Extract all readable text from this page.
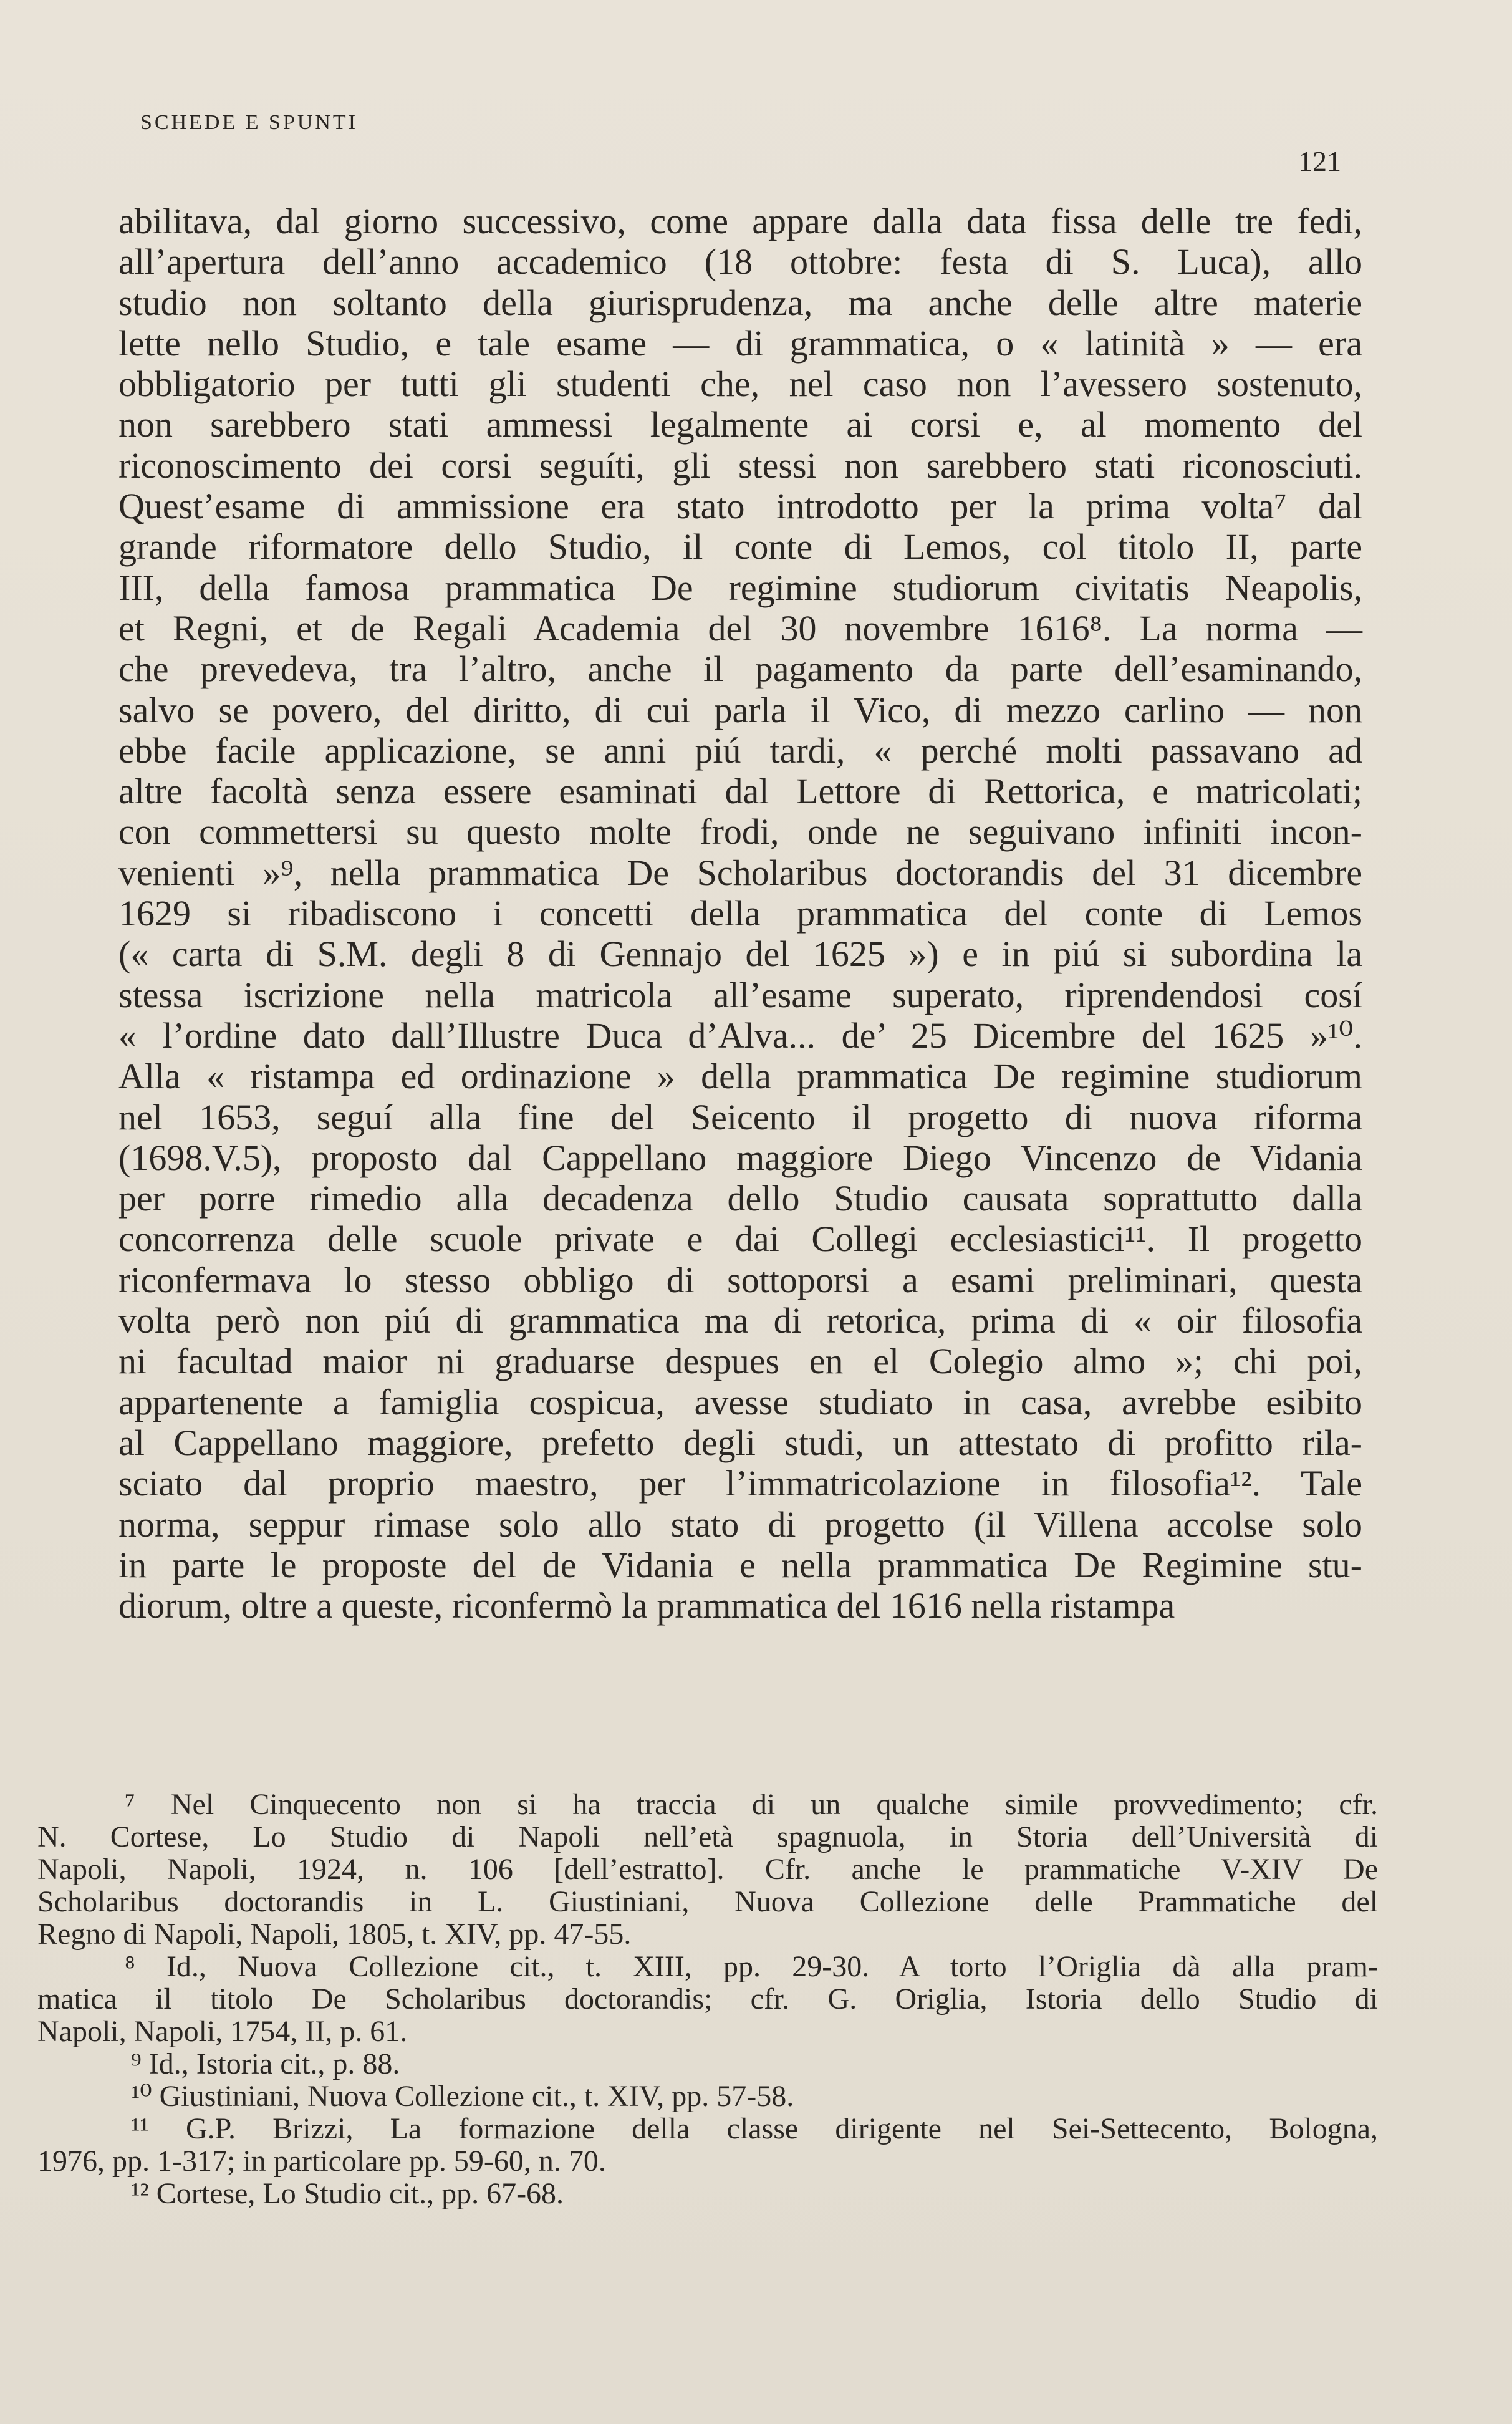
SCHEDE E SPUNTI
121
abilitava, dal giorno successivo, come appare dalla data fissa delle tre fedi,
all’apertura dell’anno accademico (18 ottobre: festa di S. Luca), allo
studio non soltanto della giurisprudenza, ma anche delle altre materie
lette nello Studio, e tale esame — di grammatica, o « latinità » — era
obbligatorio per tutti gli studenti che, nel caso non l’avessero sostenuto,
non sarebbero stati ammessi legalmente ai corsi e, al momento del
riconoscimento dei corsi seguíti, gli stessi non sarebbero stati riconosciuti.
Quest’esame di ammissione era stato introdotto per la prima volta⁷ dal
grande riformatore dello Studio, il conte di Lemos, col titolo II, parte
III, della famosa prammatica De regimine studiorum civitatis Neapolis,
et Regni, et de Regali Academia del 30 novembre 1616⁸. La norma —
che prevedeva, tra l’altro, anche il pagamento da parte dell’esaminando,
salvo se povero, del diritto, di cui parla il Vico, di mezzo carlino — non
ebbe facile applicazione, se anni piú tardi, « perché molti passavano ad
altre facoltà senza essere esaminati dal Lettore di Rettorica, e matricolati;
con commettersi su questo molte frodi, onde ne seguivano infiniti incon-
venienti »⁹, nella prammatica De Scholaribus doctorandis del 31 dicembre
1629 si ribadiscono i concetti della prammatica del conte di Lemos
(« carta di S.M. degli 8 di Gennajo del 1625 ») e in piú si subordina la
stessa iscrizione nella matricola all’esame superato, riprendendosi cosí
« l’ordine dato dall’Illustre Duca d’Alva... de’ 25 Dicembre del 1625 »¹⁰.
Alla « ristampa ed ordinazione » della prammatica De regimine studiorum
nel 1653, seguí alla fine del Seicento il progetto di nuova riforma
(1698.V.5), proposto dal Cappellano maggiore Diego Vincenzo de Vidania
per porre rimedio alla decadenza dello Studio causata soprattutto dalla
concorrenza delle scuole private e dai Collegi ecclesiastici¹¹. Il progetto
riconfermava lo stesso obbligo di sottoporsi a esami preliminari, questa
volta però non piú di grammatica ma di retorica, prima di « oir filosofia
ni facultad maior ni graduarse despues en el Colegio almo »; chi poi,
appartenente a famiglia cospicua, avesse studiato in casa, avrebbe esibito
al Cappellano maggiore, prefetto degli studi, un attestato di profitto rila-
sciato dal proprio maestro, per l’immatricolazione in filosofia¹². Tale
norma, seppur rimase solo allo stato di progetto (il Villena accolse solo
in parte le proposte del de Vidania e nella prammatica De Regimine stu-
diorum, oltre a queste, riconfermò la prammatica del 1616 nella ristampa
⁷ Nel Cinquecento non si ha traccia di un qualche simile provvedimento; cfr.
N. Cortese, Lo Studio di Napoli nell’età spagnuola, in Storia dell’Università di
Napoli, Napoli, 1924, n. 106 [dell’estratto]. Cfr. anche le prammatiche V-XIV De
Scholaribus doctorandis in L. Giustiniani, Nuova Collezione delle Prammatiche del
Regno di Napoli, Napoli, 1805, t. XIV, pp. 47-55.
⁸ Id., Nuova Collezione cit., t. XIII, pp. 29-30. A torto l’Origlia dà alla pram-
matica il titolo De Scholaribus doctorandis; cfr. G. Origlia, Istoria dello Studio di
Napoli, Napoli, 1754, II, p. 61.
⁹ Id., Istoria cit., p. 88.
¹⁰ Giustiniani, Nuova Collezione cit., t. XIV, pp. 57-58.
¹¹ G.P. Brizzi, La formazione della classe dirigente nel Sei-Settecento, Bologna,
1976, pp. 1-317; in particolare pp. 59-60, n. 70.
¹² Cortese, Lo Studio cit., pp. 67-68.
